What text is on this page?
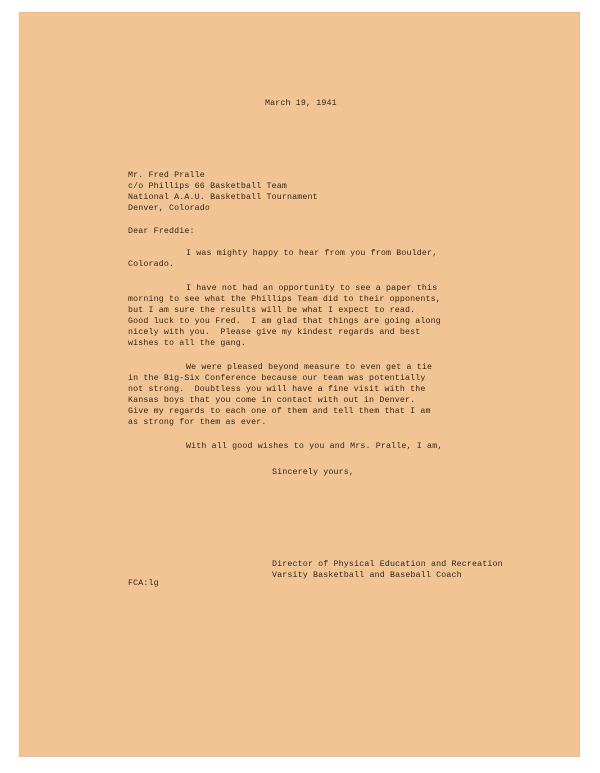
March 19, 1941
Mr. Fred Pralle
c/o Phillips 66 Basketball Team
National A.A.U. Basketball Tournament
Denver, Colorado
Dear Freddie:
I was mighty happy to hear from you from Boulder,
Colorado.
I have not had an opportunity to see a paper this
morning to see what the Phillips Team did to their opponents,
but I am sure the results will be what I expect to read.
Good luck to you Fred.  I am glad that things are going along
nicely with you.  Please give my kindest regards and best
wishes to all the gang.
We were pleased beyond measure to even get a tie
in the Big-Six Conference because our team was potentially
not strong.  Doubtless you will have a fine visit with the
Kansas boys that you come in contact with out in Denver.
Give my regards to each one of them and tell them that I am
as strong for them as ever.
With all good wishes to you and Mrs. Pralle, I am,
Sincerely yours,
Director of Physical Education and Recreation
Varsity Basketball and Baseball Coach
FCA:lg
